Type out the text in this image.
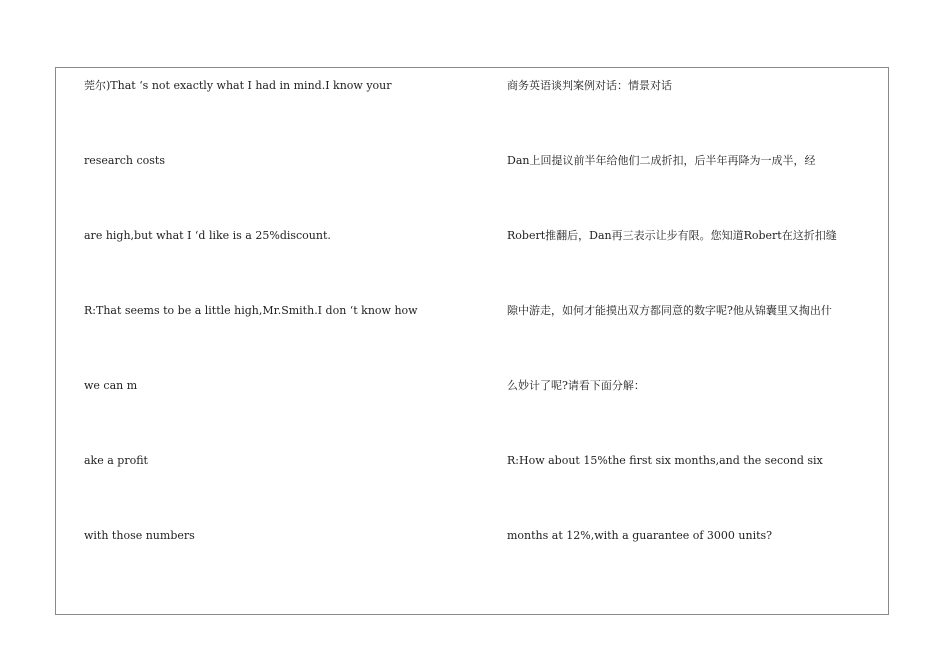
莞尔)That ‘s not exactly what I had in mind.I know your
research costs
are high,but what I ‘d like is a 25%discount.
R:That seems to be a little high,Mr.Smith.I don ‘t know how
we can m
ake a profit
with those numbers
商务英语谈判案例对话：情景对话
Dan上回提议前半年给他们二成折扣，后半年再降为一成半，经
Robert推翻后，Dan再三表示让步有限。您知道Robert在这折扣缝
隙中游走，如何才能摸出双方都同意的数字呢?他从锦囊里又掏出什
么妙计了呢?请看下面分解：
R:How about 15%the first six months,and the second six
months at 12%,with a guarantee of 3000 units?
